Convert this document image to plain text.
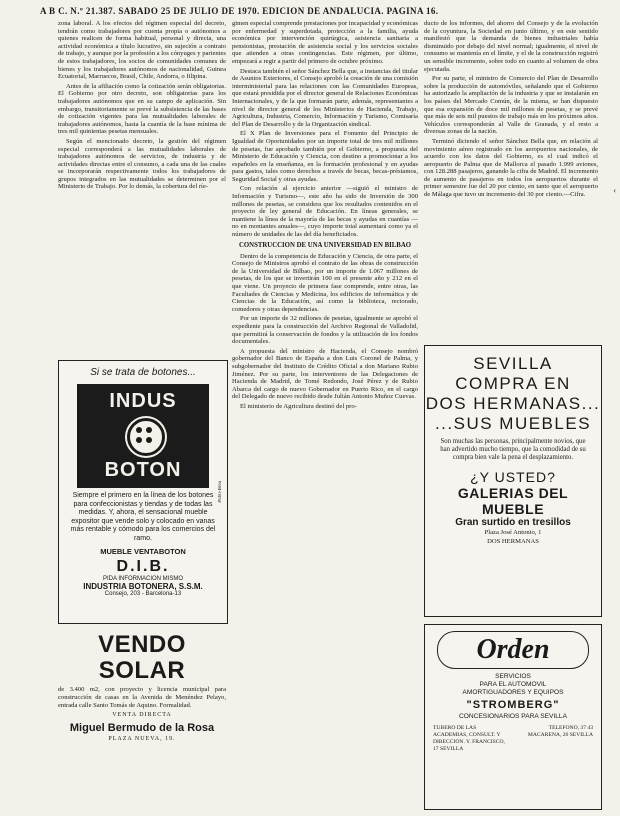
A B C. N.º 21.387. SABADO 25 DE JULIO DE 1970. EDICION DE ANDALUCIA. PAGINA 16.

zona laboral. A los efectos del régimen especial del decreto, tendrán como trabajadores por cuenta propia o autónomos a quienes realicen de forma habitual, personal y directa, una actividad económica a título lucrativo, sin sujeción a contrato de trabajo, y aunque por la profesión a los cónyuges y parientes de estos trabajadores, los socios de comunidades comunes de bienes y los trabajadores autónomos de nacionalidad, Guinea Ecuatorial, Marruecos, Brasil, Chile, Andorra, o filipina.

Antes de la afiliación como la cotización serán obligatorias. El Gobierno por otro decreto, son obligatorias para los trabajadores autónomos que en su campo de aplicación. Sin embargo, transitoriamente se prevé la subsistencia de las bases de cotización vigentes para las mutualidades laborales de trabajadores autónomos, hasta la cuantía de la base mínima de tres mil quinientas pesetas mensuales.

Según el mencionado decreto, la gestión del régimen especial corresponderá a las mutualidades laborales de trabajadores autónomos de servicios, de industria y de actividades directas entre el consumo, a cada una de las cuales se incorporarán respectivamente todos los trabajadores de grupos integrados en las mutualidades se determinen por el Ministerio de Trabajo. Por lo demás, la cobertura del ríe-

Si se trata de botones...
INDUS
BOTON
Publi-Brea
Siempre el primero en la línea de los botones para confeccionistas y tiendas y de todas las medidas. Y, ahora, el sensacional mueble expositor que vende solo y colocado en vanas más rentable y cómodo para los comercios del ramo.
MUEBLE VENTABOTON
D.I.B.
PIDA INFORMACION MISMO
INDUSTRIA BOTONERA, S.S.M.
Consejo, 203 - Barcelona-13
VENDO SOLAR
de 3.400 m2, con proyecto y licencia municipal para construcción de casas en la Avenida de Menéndez Pelayo, entrada calle Santo Tomás de Aquino. Formalidad.
VENTA DIRECTA
Miguel Bermudo de la Rosa
PLAZA NUEVA, 19.

gimen especial comprende prestaciones por incapacidad y económicas por enfermedad y superdotada, protección a la familia, ayuda económica por intervención quirúrgica, asistencia sanitaria a pensionistas, prestación de asistencia social y los servicios sociales que atienden a otras contingencias. Este régimen, por último, empezará a regir a partir del primero de octubre próximo.

Destaca también el señor Sánchez Bella que, a instancias del titular de Asuntos Exteriores, el Consejo aprobó la creación de una comisión interministerial para las relaciones con las Comunidades Europeas, que estará presidida por el director general de Relaciones Económicas Internacionales, y de la que formarán parte, además, representantes a nivel de director general de los Ministerios de Hacienda, Trabajo, Agricultura, Industria, Comercio, Información y Turismo, Comisaría del Plan de Desarrollo y de la Organización sindical.

El X Plan de Inversiones para el Fomento del Principio de Igualdad de Oportunidades por un importe total de tres mil millones de pesetas, fue aprobado también por el Gobierno, a propuesta del Ministerio de Educación y Ciencia, con destino a promocionar a los españoles en la enseñanza, en la formación profesional y en ayudas para gastos, tales como derechos a través de becas, becas-préstamos, Seguridad Social y otras ayudas.

Con relación al ejercicio anterior —siguió el ministro de Información y Turismo—, este año ha sido de Inversión de 300 millones de pesetas, se considera que los resultados contenidos en el proyecto de ley general de Educación. En líneas generales, se mantiene la línea de la mayoría de las becas y ayudas en cuantías —no en montantes anuales—, cuyo importe total aumentará como ya el número de unidades de las del día beneficiados.

CONSTRUCCION DE UNA UNIVERSIDAD EN BILBAO

Dentro de la competencia de Educación y Ciencia, de otra parte, el Consejo de Ministros aprobó el contrato de las obras de construcción de la Universidad de Bilbao, por un importe de 1.067 millones de pesetas, de los que se invertirán 100 en el presente año y 212 en el que viene. Un proyecto de primera fase comprende, entre otras, las Facultades de Ciencias y Medicina, los edificios de informática y de Ciencias de la Educación, así como la biblioteca, rectorado, comedores y otras dependencias.

Por un importe de 32 millones de pesetas, igualmente se aprobó el expediente para la construcción del Archivo Regional de Valladolid, que permitirá la conservación de fondos y la utilización de los fondos documentales.

A propuesta del ministro de Hacienda, el Consejo nombró gobernador del Banco de España a don Luis Coronel de Palma, y subgobernador del Instituto de Crédito Oficial a don Mariano Rubio Jiménez. Por su parte, los interventores de las Delegaciones de Hacienda de Madrid, de Tomé Redondo, José Pérez y de Rubio Abarca del cargo de nuevo Gobernador en Puerto Rico, en el cargo del Delegado de nuevo recibido desde Julián Antonio Muñoz Cuevas.

El ministerio de Agricultura destinó del pro-

ducto de los informes, del ahorro del Consejo y de la evolución de la coyuntura, la Sociedad en junio último, y en este sentido manifestó que la demanda de bienes industriales había disminuido por debajo del nivel normal; igualmente, el nivel de consumo se mantenía en el límite, y el de la construcción registró un sensible incremento, sobre todo en cuanto al volumen de obra ejecutada.

Por su parte, el ministro de Comercio del Plan de Desarrollo sobre la producción de automóviles, señalando que el Gobierno ha autorizado la ampliación de la industria y que se instalarán en los países del Mercado Común, de la misma, se han dispuesto que esa expansión de doce mil millones de pesetas, y se prevé que más de seis mil puestos de trabajo más en los próximos años. Vehículos corresponderán al Valle de Granada, y el resto a diversas zonas de la nación.

Terminó diciendo el señor Sánchez Bella que, en relación al movimiento aéreo registrado en los aeropuertos nacionales, de acuerdo con los datos del Gobierno, es el cual indicó el aeropuerto de Palma que de Mallorca el pasado 1.999 aviones, con 128.288 pasajeros, ganando la cifra de Madrid. El incremento de aumento de pasajeros en todos los aeropuertos durante el primer semestre fue del 20 por ciento, en tanto que el aeropuerto de Málaga que tuvo un incremento del 30 por ciento.—Cifra.

SEVILLA
COMPRA EN
DOS HERMANAS...
...SUS MUEBLES
Son muchas las personas, principalmente novios, que han advertido mucho tiempo, que la comodidad de su compra bien vale la pena el desplazamiento.
¿Y USTED?
GALERIAS DEL MUEBLE
Gran surtido en tresillos
Plaza José Antonio, 1
DOS HERMANAS
Orden
SERVICIOS
PARA EL AUTOMOVIL
AMORTIGUADORES Y EQUIPOS
"STROMBERG"
CONCESIONARIOS PARA SEVILLA
TUBERO DE LAS ACADEMIAS, CONSULT. Y DIRECCION. Y. FRANCISCO, 17 SEVILLA
TELEFONO, 37 43 MACARENA, 26 SEVILLA
‹
